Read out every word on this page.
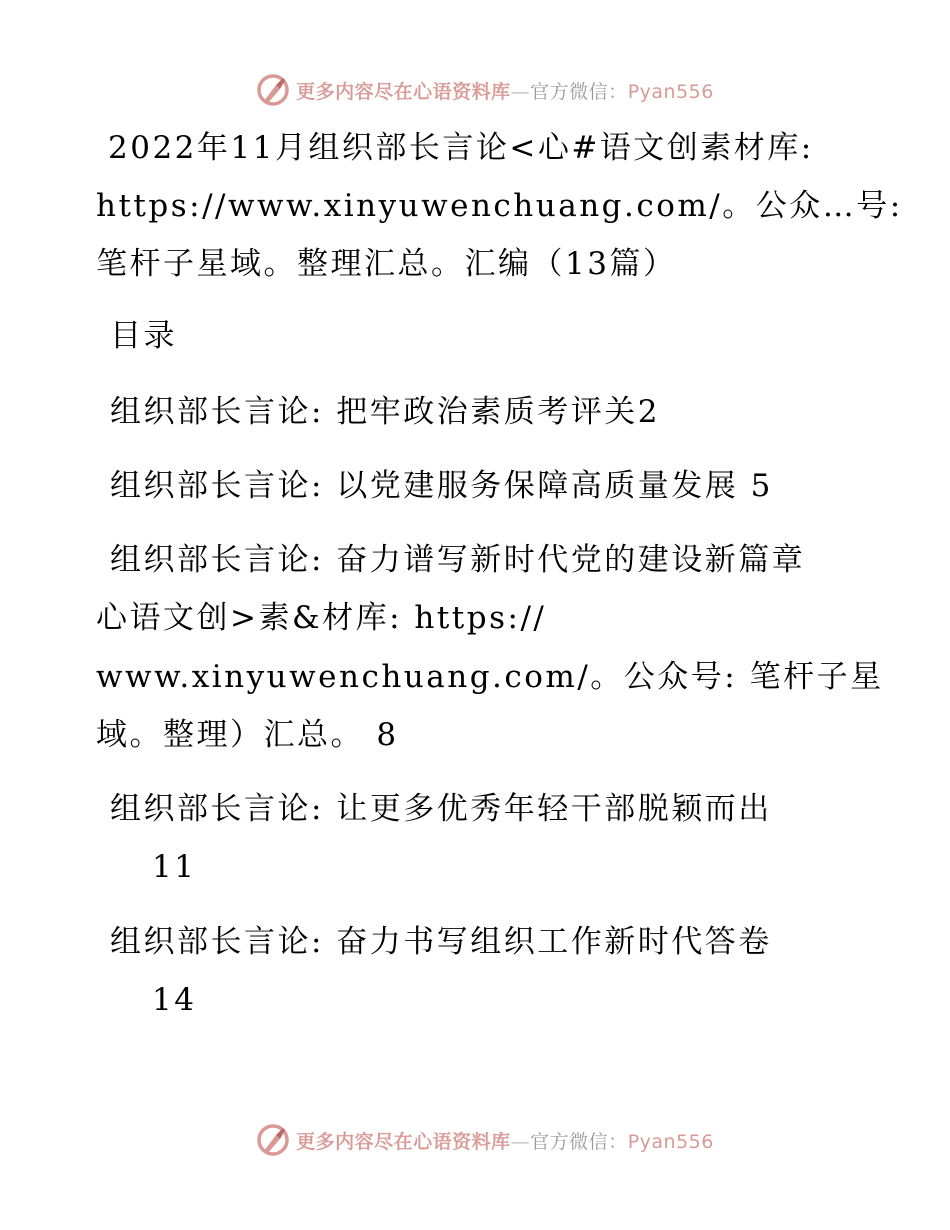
更多内容尽在心语资料库—官方微信：Pyan556
2022年11月组织部长言论<心#语文创素材库:
https://www.xinyuwenchuang.com/。公众…号:
笔杆子星域。整理汇总。汇编（13篇）
目录
组织部长言论: 把牢政治素质考评关2
组织部长言论: 以党建服务保障高质量发展 5
组织部长言论: 奋力谱写新时代党的建设新篇章
心语文创>素&材库: https://
www.xinyuwenchuang.com/。公众号: 笔杆子星
域。整理）汇总。 8
组织部长言论: 让更多优秀年轻干部脱颖而出
11
组织部长言论: 奋力书写组织工作新时代答卷
14
更多内容尽在心语资料库—官方微信：Pyan556
